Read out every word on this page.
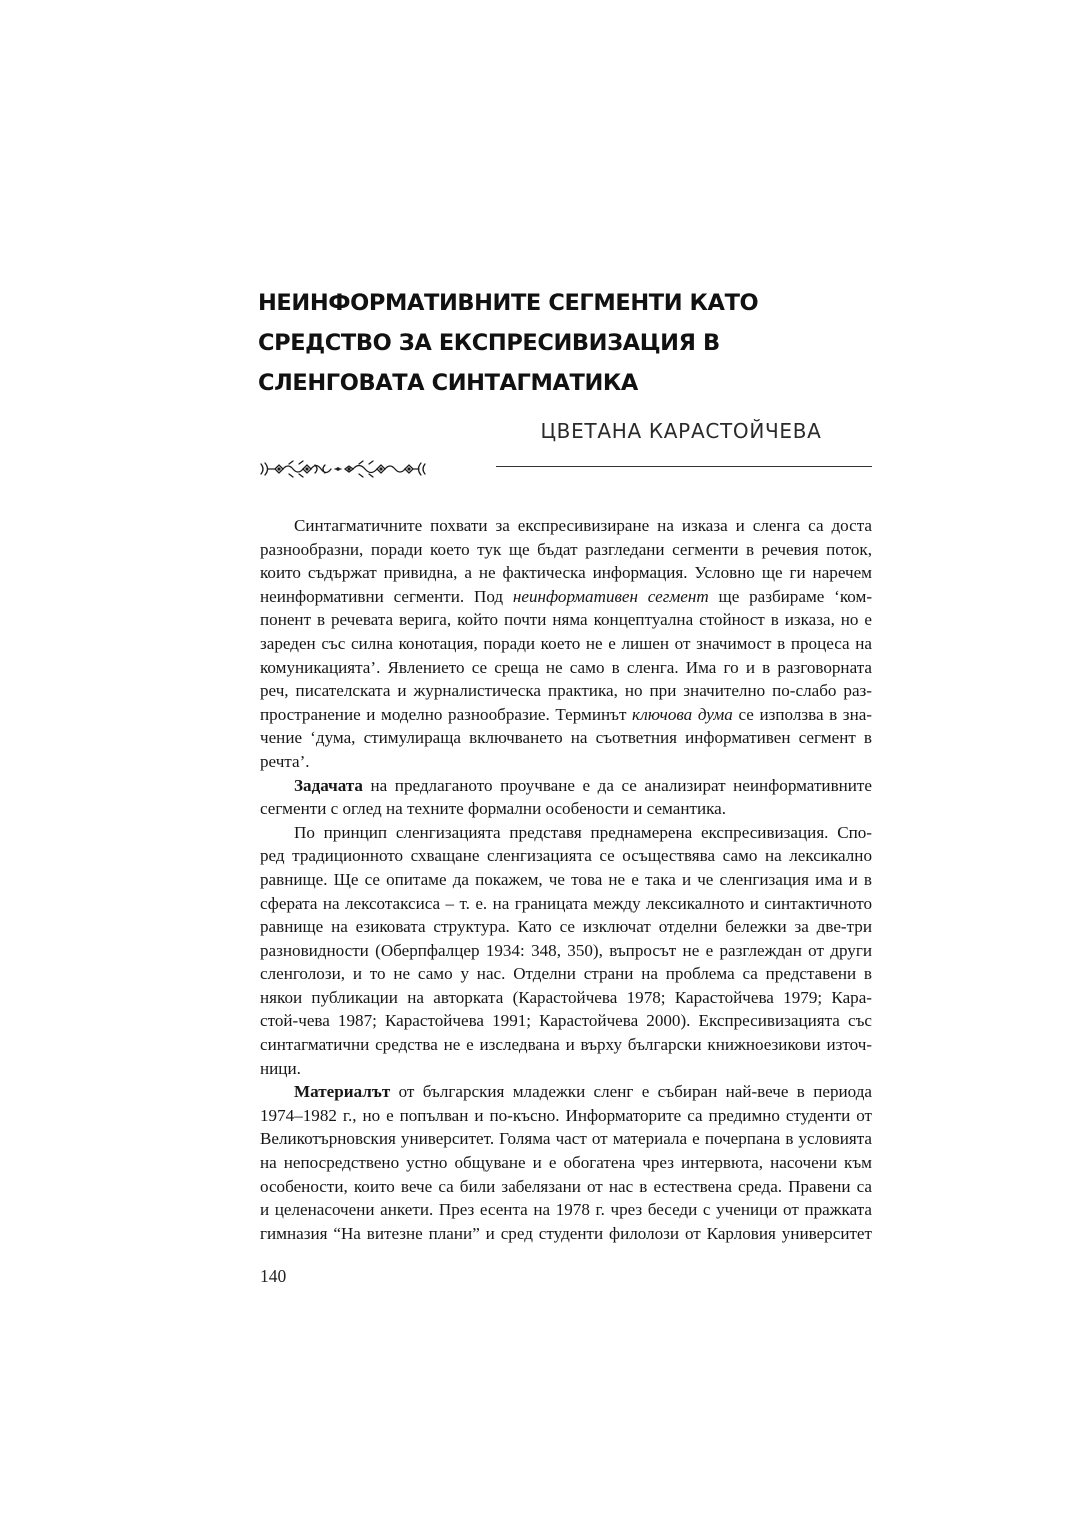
НЕИНФОРМАТИВНИТЕ СЕГМЕНТИ КАТО
СРЕДСТВО ЗА ЕКСПРЕСИВИЗАЦИЯ В
СЛЕНГОВАТА СИНТАГМАТИКА
ЦВЕТАНА КАРАСТОЙЧЕВА
Синтагматичните похвати за експресивизиране на изказа и сленга са доста
разнообразни, поради което тук ще бъдат разгледани сегменти в речевия поток,
които съдържат привидна, а не фактическа информация. Условно ще ги наречем
неинформативни сегменти. Под неинформативен сегмент ще разбираме ‘ком-
понент в речевата верига, който почти няма концептуална стойност в изказа, но е
зареден със силна конотация, поради което не е лишен от значимост в процеса на
комуникацията’. Явлението се среща не само в сленга. Има го и в разговорната
реч, писателската и журналистическа практика, но при значително по-слабо раз-
пространение и моделно разнообразие. Терминът ключова дума се използва в зна-
чение ‘дума, стимулираща включването на съответния информативен сегмент в
речта’.
Задачата на предлаганото проучване е да се анализират неинформативните
сегменти с оглед на техните формални особености и семантика.
По принцип сленгизацията представя преднамерена експресивизация. Спо-
ред традиционното схващане сленгизацията се осъществява само на лексикално
равнище. Ще се опитаме да покажем, че това не е така и че сленгизация има и в
сферата на лексотаксиса – т. е. на границата между лексикалното и синтактичното
равнище на езиковата структура. Като се изключат отделни бележки за две-три
разновидности (Оберпфалцер 1934: 348, 350), въпросът не е разглеждан от други
сленголози, и то не само у нас. Отделни страни на проблема са представени в
някои публикации на авторката (Карастойчева 1978; Карастойчева 1979; Кара-
стой-чева 1987; Карастойчева 1991; Карастойчева 2000). Експресивизацията със
синтагматични средства не е изследвана и върху български книжноезикови източ-
ници.
Материалът от българския младежки сленг е събиран най-вече в периода
1974–1982 г., но е попълван и по-късно. Информаторите са предимно студенти от
Великотърновския университет. Голяма част от материала е почерпана в условията
на непосредствено устно общуване и е обогатена чрез интервюта, насочени към
особености, които вече са били забелязани от нас в естествена среда. Правени са
и целенасочени анкети. През есента на 1978 г. чрез беседи с ученици от пражката
гимназия “На витезне плани” и сред студенти филолози от Карловия университет
140
